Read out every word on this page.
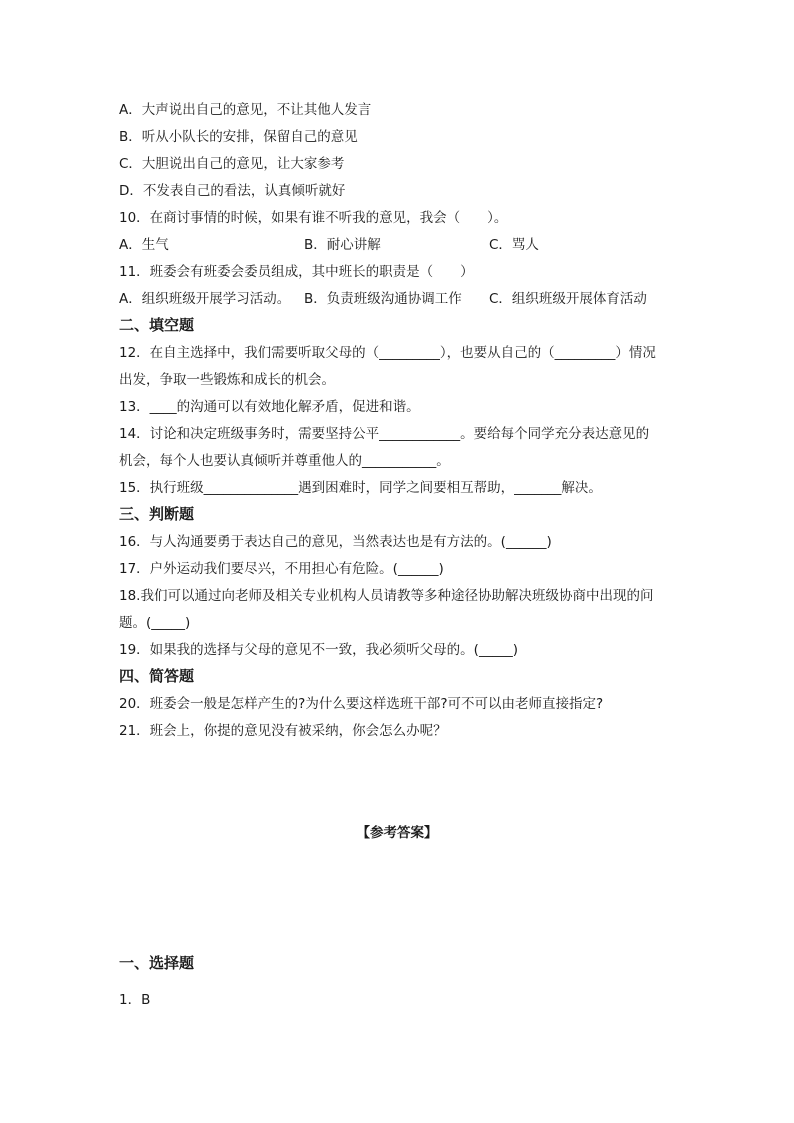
A．大声说出自己的意见，不让其他人发言
B．听从小队长的安排，保留自己的意见
C．大胆说出自己的意见，让大家参考
D．不发表自己的看法，认真倾听就好
10．在商讨事情的时候，如果有谁不听我的意见，我会（　　）。
A．生气	B．耐心讲解	C．骂人
11．班委会有班委会委员组成，其中班长的职责是（　　）
A．组织班级开展学习活动。 B．负责班级沟通协调工作 C．组织班级开展体育活动
二、填空题
12．在自主选择中，我们需要听取父母的（_________），也要从自己的（_________）情况
出发，争取一些锻炼和成长的机会。
13．____的沟通可以有效地化解矛盾，促进和谐。
14．讨论和决定班级事务时，需要坚持公平____________。要给每个同学充分表达意见的
机会，每个人也要认真倾听并尊重他人的___________。
15．执行班级______________遇到困难时，同学之间要相互帮助，_______解决。
三、判断题
16．与人沟通要勇于表达自己的意见，当然表达也是有方法的。(______)
17．户外运动我们要尽兴，不用担心有危险。(______)
18.我们可以通过向老师及相关专业机构人员请教等多种途径协助解决班级协商中出现的问
题。(_____)
19．如果我的选择与父母的意见不一致，我必须听父母的。(_____)
四、简答题
20．班委会一般是怎样产生的?为什么要这样选班干部?可不可以由老师直接指定?
21．班会上，你提的意见没有被采纳，你会怎么办呢？
【参考答案】
一、选择题
1．B
